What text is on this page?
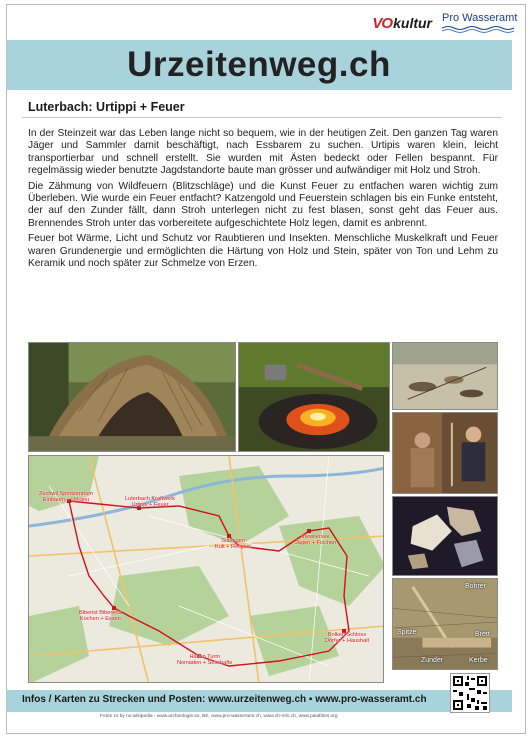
VO kultur Pro Wasseramt
Urzeitenweg.ch
Luterbach: Urtippi + Feuer

In der Steinzeit war das Leben lange nicht so bequem, wie in der heutigen Zeit. Den ganzen Tag waren Jäger und Sammler damit beschäftigt, nach Essbarem zu suchen. Urtipis waren klein, leicht transportierbar und schnell erstellt. Sie wurden mit Ästen bedeckt oder Fellen bespannt. Für regelmässig wieder benutzte Jagdstandorte baute man grösser und aufwändiger mit Holz und Stroh.

Die Zähmung von Wildfeuern (Blitzschläge) und die Kunst Feuer zu entfachen waren wichtig zum Überleben. Wie wurde ein Feuer entfacht? Katzengold und Feuerstein schlagen bis ein Funke entsteht, der auf den Zunder fällt, dann Stroh unterlegen nicht zu fest blasen, sonst geht das Feuer aus. Brennendes Stroh unter das vorbereitete aufgeschichtete Holz legen, damit es anbrennt.

Feuer bot Wärme, Licht und Schutz vor Raubtieren und Insekten. Menschliche Muskelkraft und Feuer waren Grundenergie und ermöglichten die Härtung von Holz und Stein, später von Ton und Lehm zu Keramik und noch später zur Schmelze von Erzen.

Bohrer
Brett
Zunder	Kerbe
Spitze
Zuchwil Sportzentrum
Einbaum + Urkanu	Luterbach Kraftwerk
Urtippi + Feuer
Subingen
Kult + Religion
Inkwilersee
Jägen + Fischen
Biberist Biberena
Kochen + Essen
Halten Turm
Nomaden + Sesshafte
Bolken Schloss
Dörfer + Haushalt
Infos / Karten zu Strecken und Posten: www.urzeitenweg.ch ▪ www.pro-wasseramt.ch
Fotos zo by no wikipedia - www.archeologie.so, BE, www.pro-wasseramt.ch, www.ch-mfo.ch, www.palafittes.org
